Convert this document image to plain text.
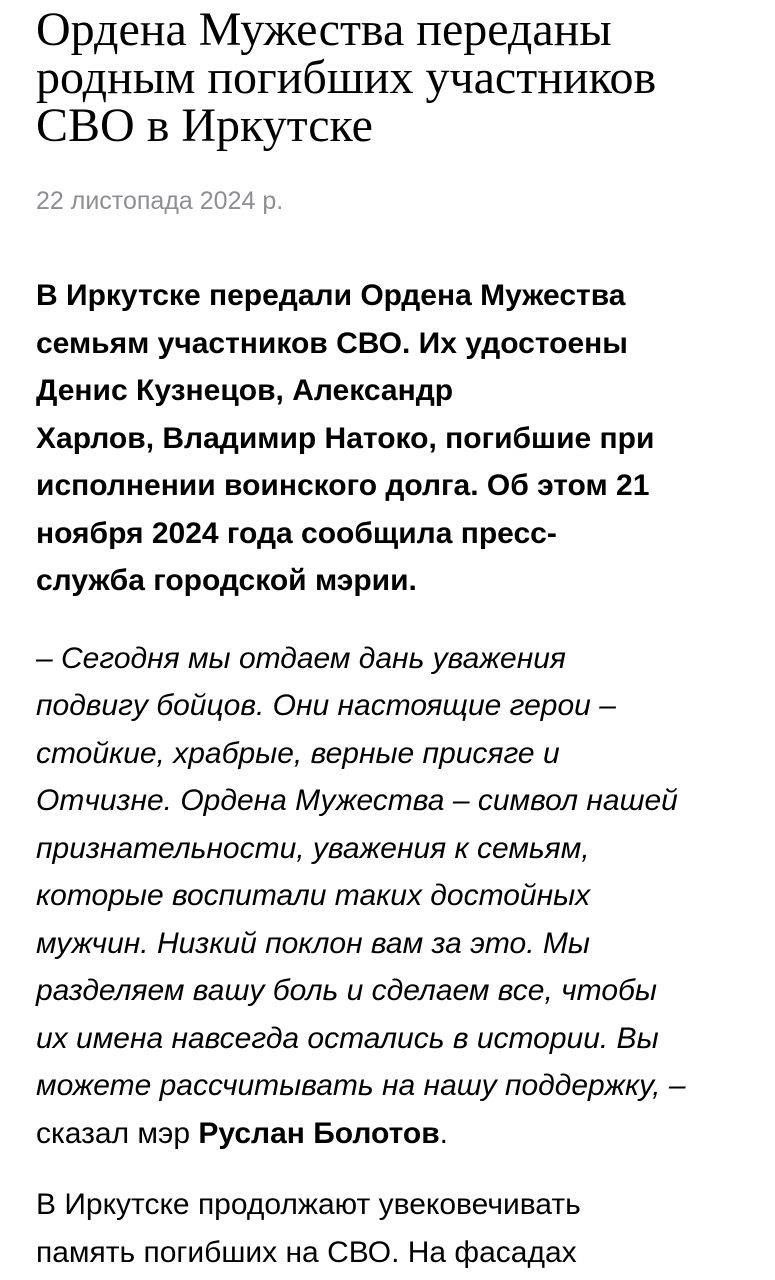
Ордена Мужества переданы
родным погибших участников
СВО в Иркутске
22 листопада 2024 р.

В Иркутске передали Ордена Мужества
семьям участников СВО. Их удостоены
Денис Кузнецов, Александр
Харлов, Владимир Натоко, погибшие при
исполнении воинского долга. Об этом 21
ноября 2024 года сообщила пресс-
служба городской мэрии.

– Сегодня мы отдаем дань уважения
подвигу бойцов. Они настоящие герои –
стойкие, храбрые, верные присяге и
Отчизне. Ордена Мужества – символ нашей
признательности, уважения к семьям,
которые воспитали таких достойных
мужчин. Низкий поклон вам за это. Мы
разделяем вашу боль и сделаем все, чтобы
их имена навсегда остались в истории. Вы
можете рассчитывать на нашу поддержку, –
сказал мэр Руслан Болотов.

В Иркутске продолжают увековечивать
память погибших на СВО. На фасадах
